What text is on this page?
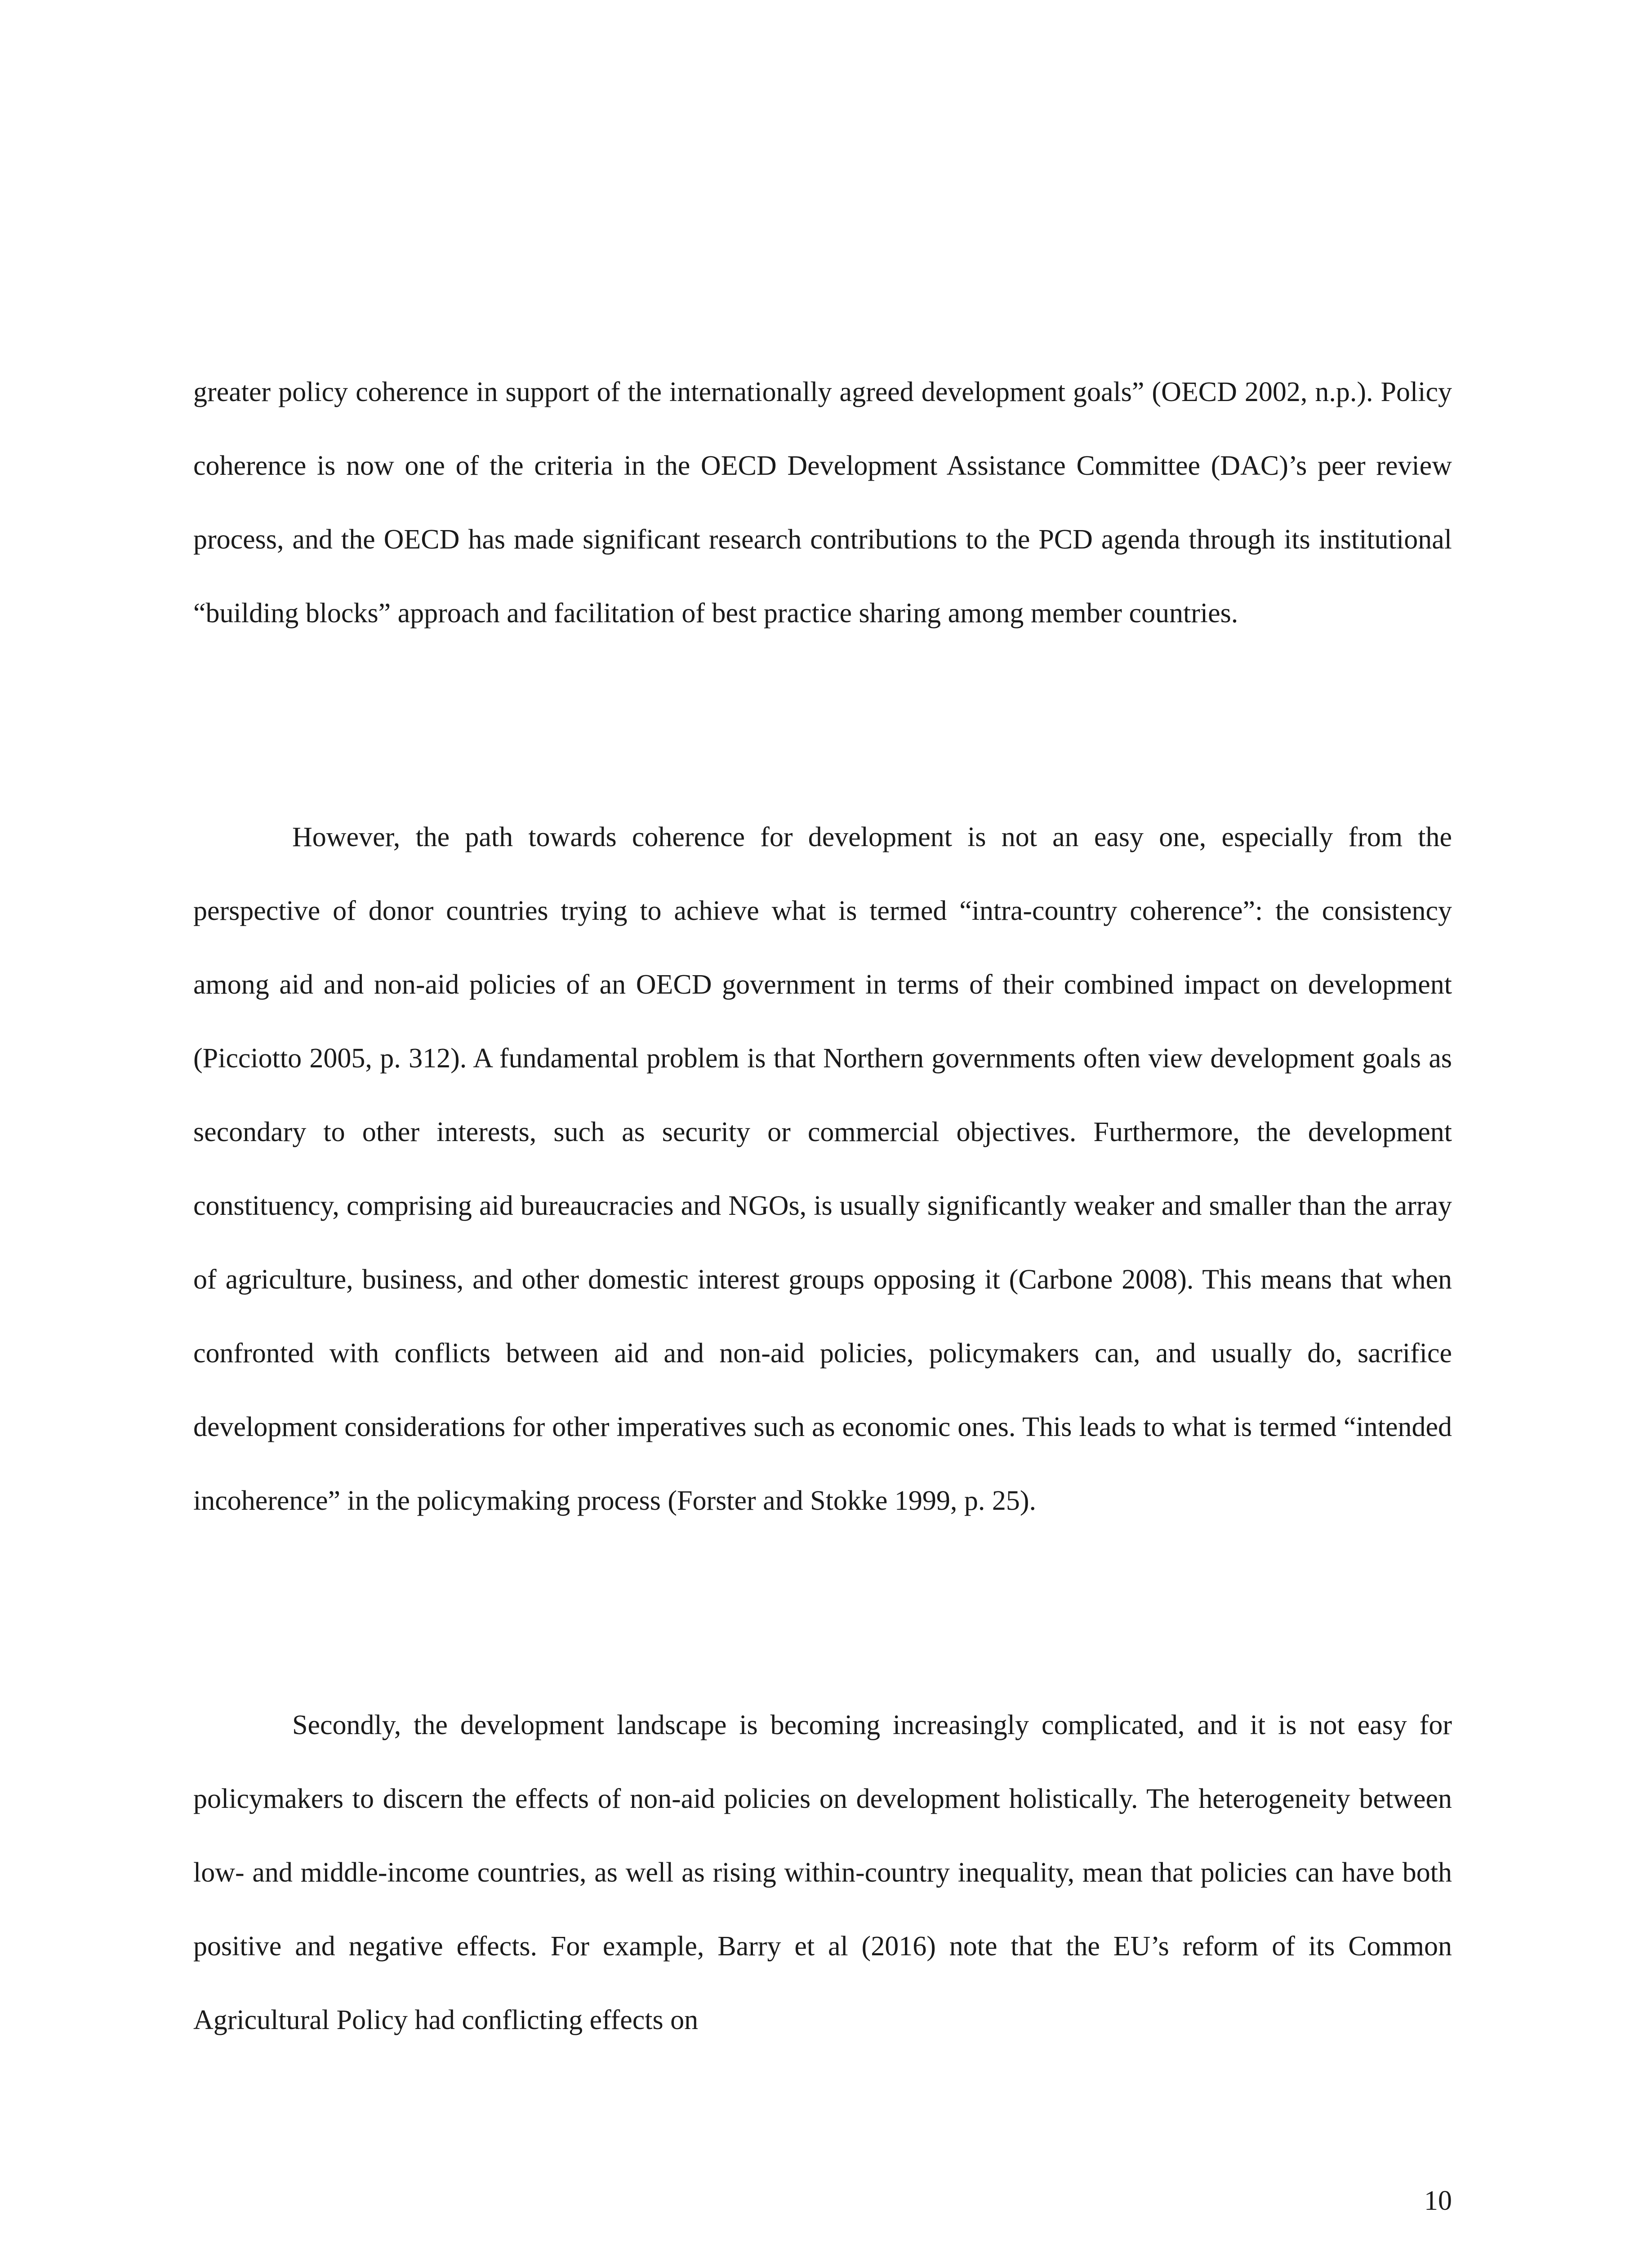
greater policy coherence in support of the internationally agreed development goals” (OECD 2002, n.p.). Policy coherence is now one of the criteria in the OECD Development Assistance Committee (DAC)’s peer review process, and the OECD has made significant research contributions to the PCD agenda through its institutional “building blocks” approach and facilitation of best practice sharing among member countries.

However, the path towards coherence for development is not an easy one, especially from the perspective of donor countries trying to achieve what is termed “intra-country coherence”: the consistency among aid and non-aid policies of an OECD government in terms of their combined impact on development (Picciotto 2005, p. 312). A fundamental problem is that Northern governments often view development goals as secondary to other interests, such as security or commercial objectives. Furthermore, the development constituency, comprising aid bureaucracies and NGOs, is usually significantly weaker and smaller than the array of agriculture, business, and other domestic interest groups opposing it (Carbone 2008). This means that when confronted with conflicts between aid and non-aid policies, policymakers can, and usually do, sacrifice development considerations for other imperatives such as economic ones. This leads to what is termed “intended incoherence” in the policymaking process (Forster and Stokke 1999, p. 25).

Secondly, the development landscape is becoming increasingly complicated, and it is not easy for policymakers to discern the effects of non-aid policies on development holistically. The heterogeneity between low- and middle-income countries, as well as rising within-country inequality, mean that policies can have both positive and negative effects. For example, Barry et al (2016) note that the EU’s reform of its Common Agricultural Policy had conflicting effects on

10
